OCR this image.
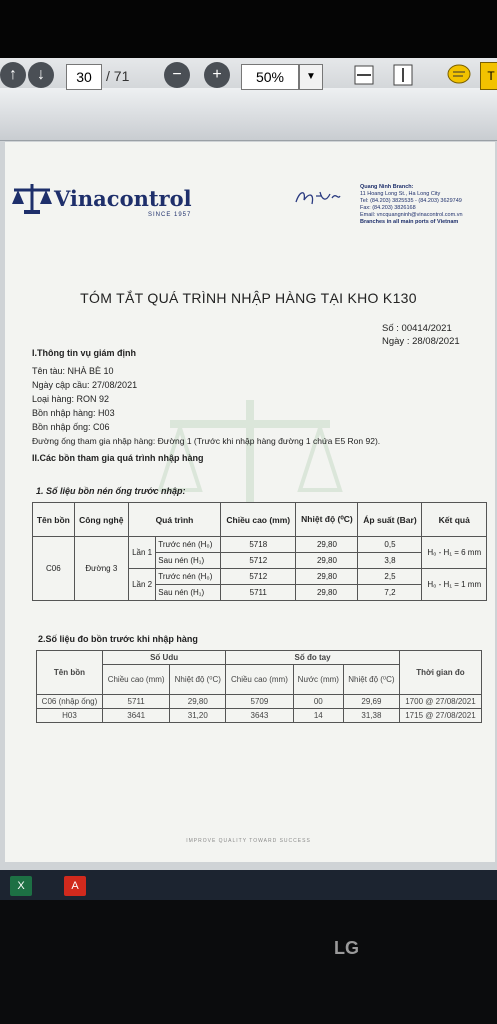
↑	↓	30	/ 71	−	+	50%	▼	T
Vinacontrol
SINCE 1957
Quang Ninh Branch:
11 Hoang Long St., Ha Long City
Tel: (84.203) 3825535 - (84.203) 3629749
Fax: (84.203) 3826168
Email: vncquangninh@vinacontrol.com.vn
Branches in all main ports of Vietnam
TÓM TẮT QUÁ TRÌNH NHẬP HÀNG TẠI KHO K130
Số : 00414/2021
Ngày : 28/08/2021
I.Thông tin vụ giám định
Tên tàu: NHÀ BÈ 10
Ngày cập cầu: 27/08/2021
Loại hàng: RON 92
Bồn nhập hàng: H03
Bồn nhập ống: C06
Đường ống tham gia nhập hàng: Đường 1 (Trước khi nhập hàng đường 1 chứa E5 Ron 92).
II.Các bồn tham gia quá trình nhập hàng
1. Số liệu bồn nén ống trước nhập:
Tên bồn	Công nghệ	Quá trình		Chiều cao (mm)	Nhiệt độ (⁰C)	Áp suất (Bar)	Kết quả
C06	Đường 3	Lần 1	Trước nén (H₀)	5718	29,80	0,5	H₀ - H₁ = 6 mm
			Sau nén (H₁)	5712	29,80	3,8	
		Lần 2	Trước nén (H₀)	5712	29,80	2,5	H₀ - H₁ = 1 mm
			Sau nén (H₁)	5711	29,80	7,2	
2.Số liệu đo bồn trước khi nhập hàng
Tên bồn	Số Udu		Số đo tay			Thời gian đo
	Chiều cao (mm)	Nhiệt độ (⁰C)	Chiều cao (mm)	Nước (mm)	Nhiệt độ (⁰C)	
C06 (nhập ống)	5711	29,80	5709	00	29,69	1700 @ 27/08/2021
H03	3641	31,20	3643	14	31,38	1715 @ 27/08/2021
IMPROVE QUALITY TOWARD SUCCESS
X	A
LG
